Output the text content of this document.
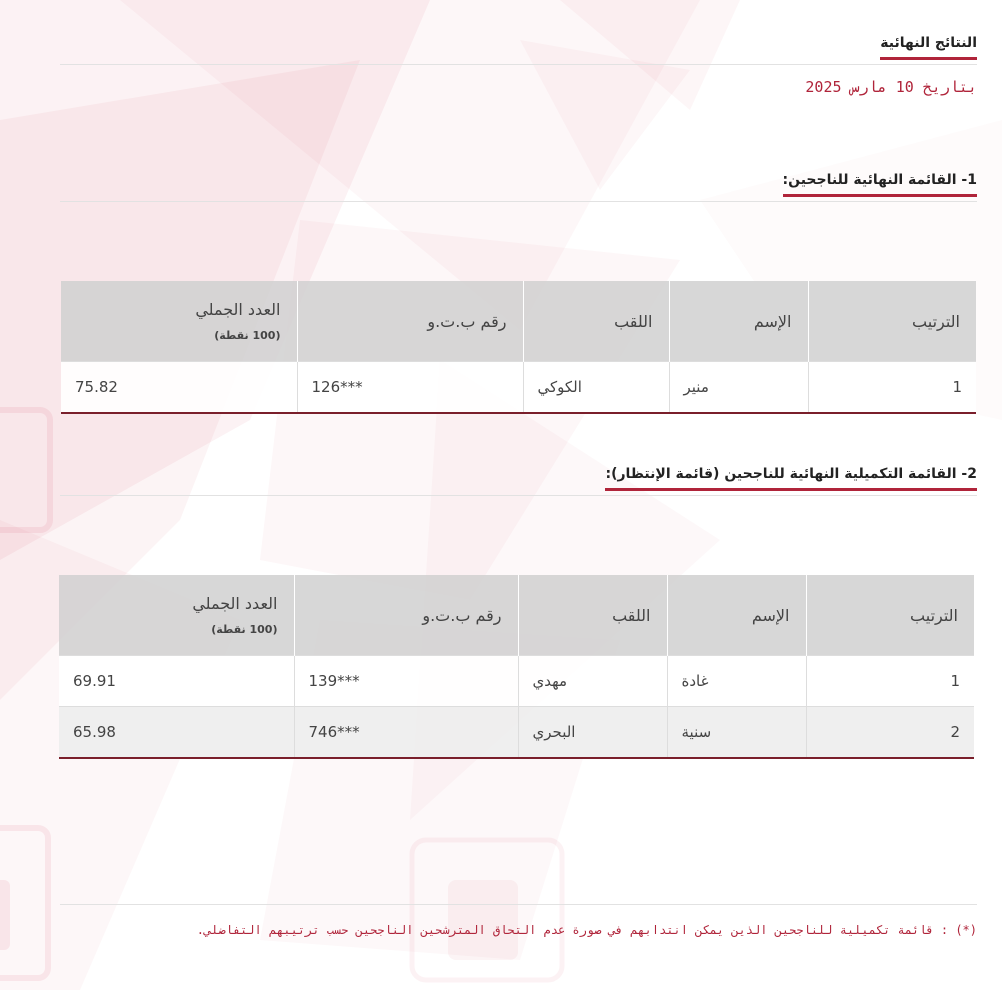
النتائج النهائية
بتاريخ 10 مارس 2025
1- القائمة النهائية للناجحين:
الترتيب	الإسم	اللقب	رقم ب.ت.و	العدد الجملي
(100 نقطة)

1	منير	الكوكي	126***	75.82
2- القائمة التكميلية النهائية للناجحين (قائمة الإنتظار):
الترتيب	الإسم	اللقب	رقم ب.ت.و	العدد الجملي
(100 نقطة)

1	غادة	مهدي	139***	69.91
2	سنية	البحري	746***	65.98
(*) : قائمة تكميلية للناجحين الذين يمكن انتدابهم في صورة عدم التحاق المترشحين الناجحين حسب ترتيبهم التفاضلي.
